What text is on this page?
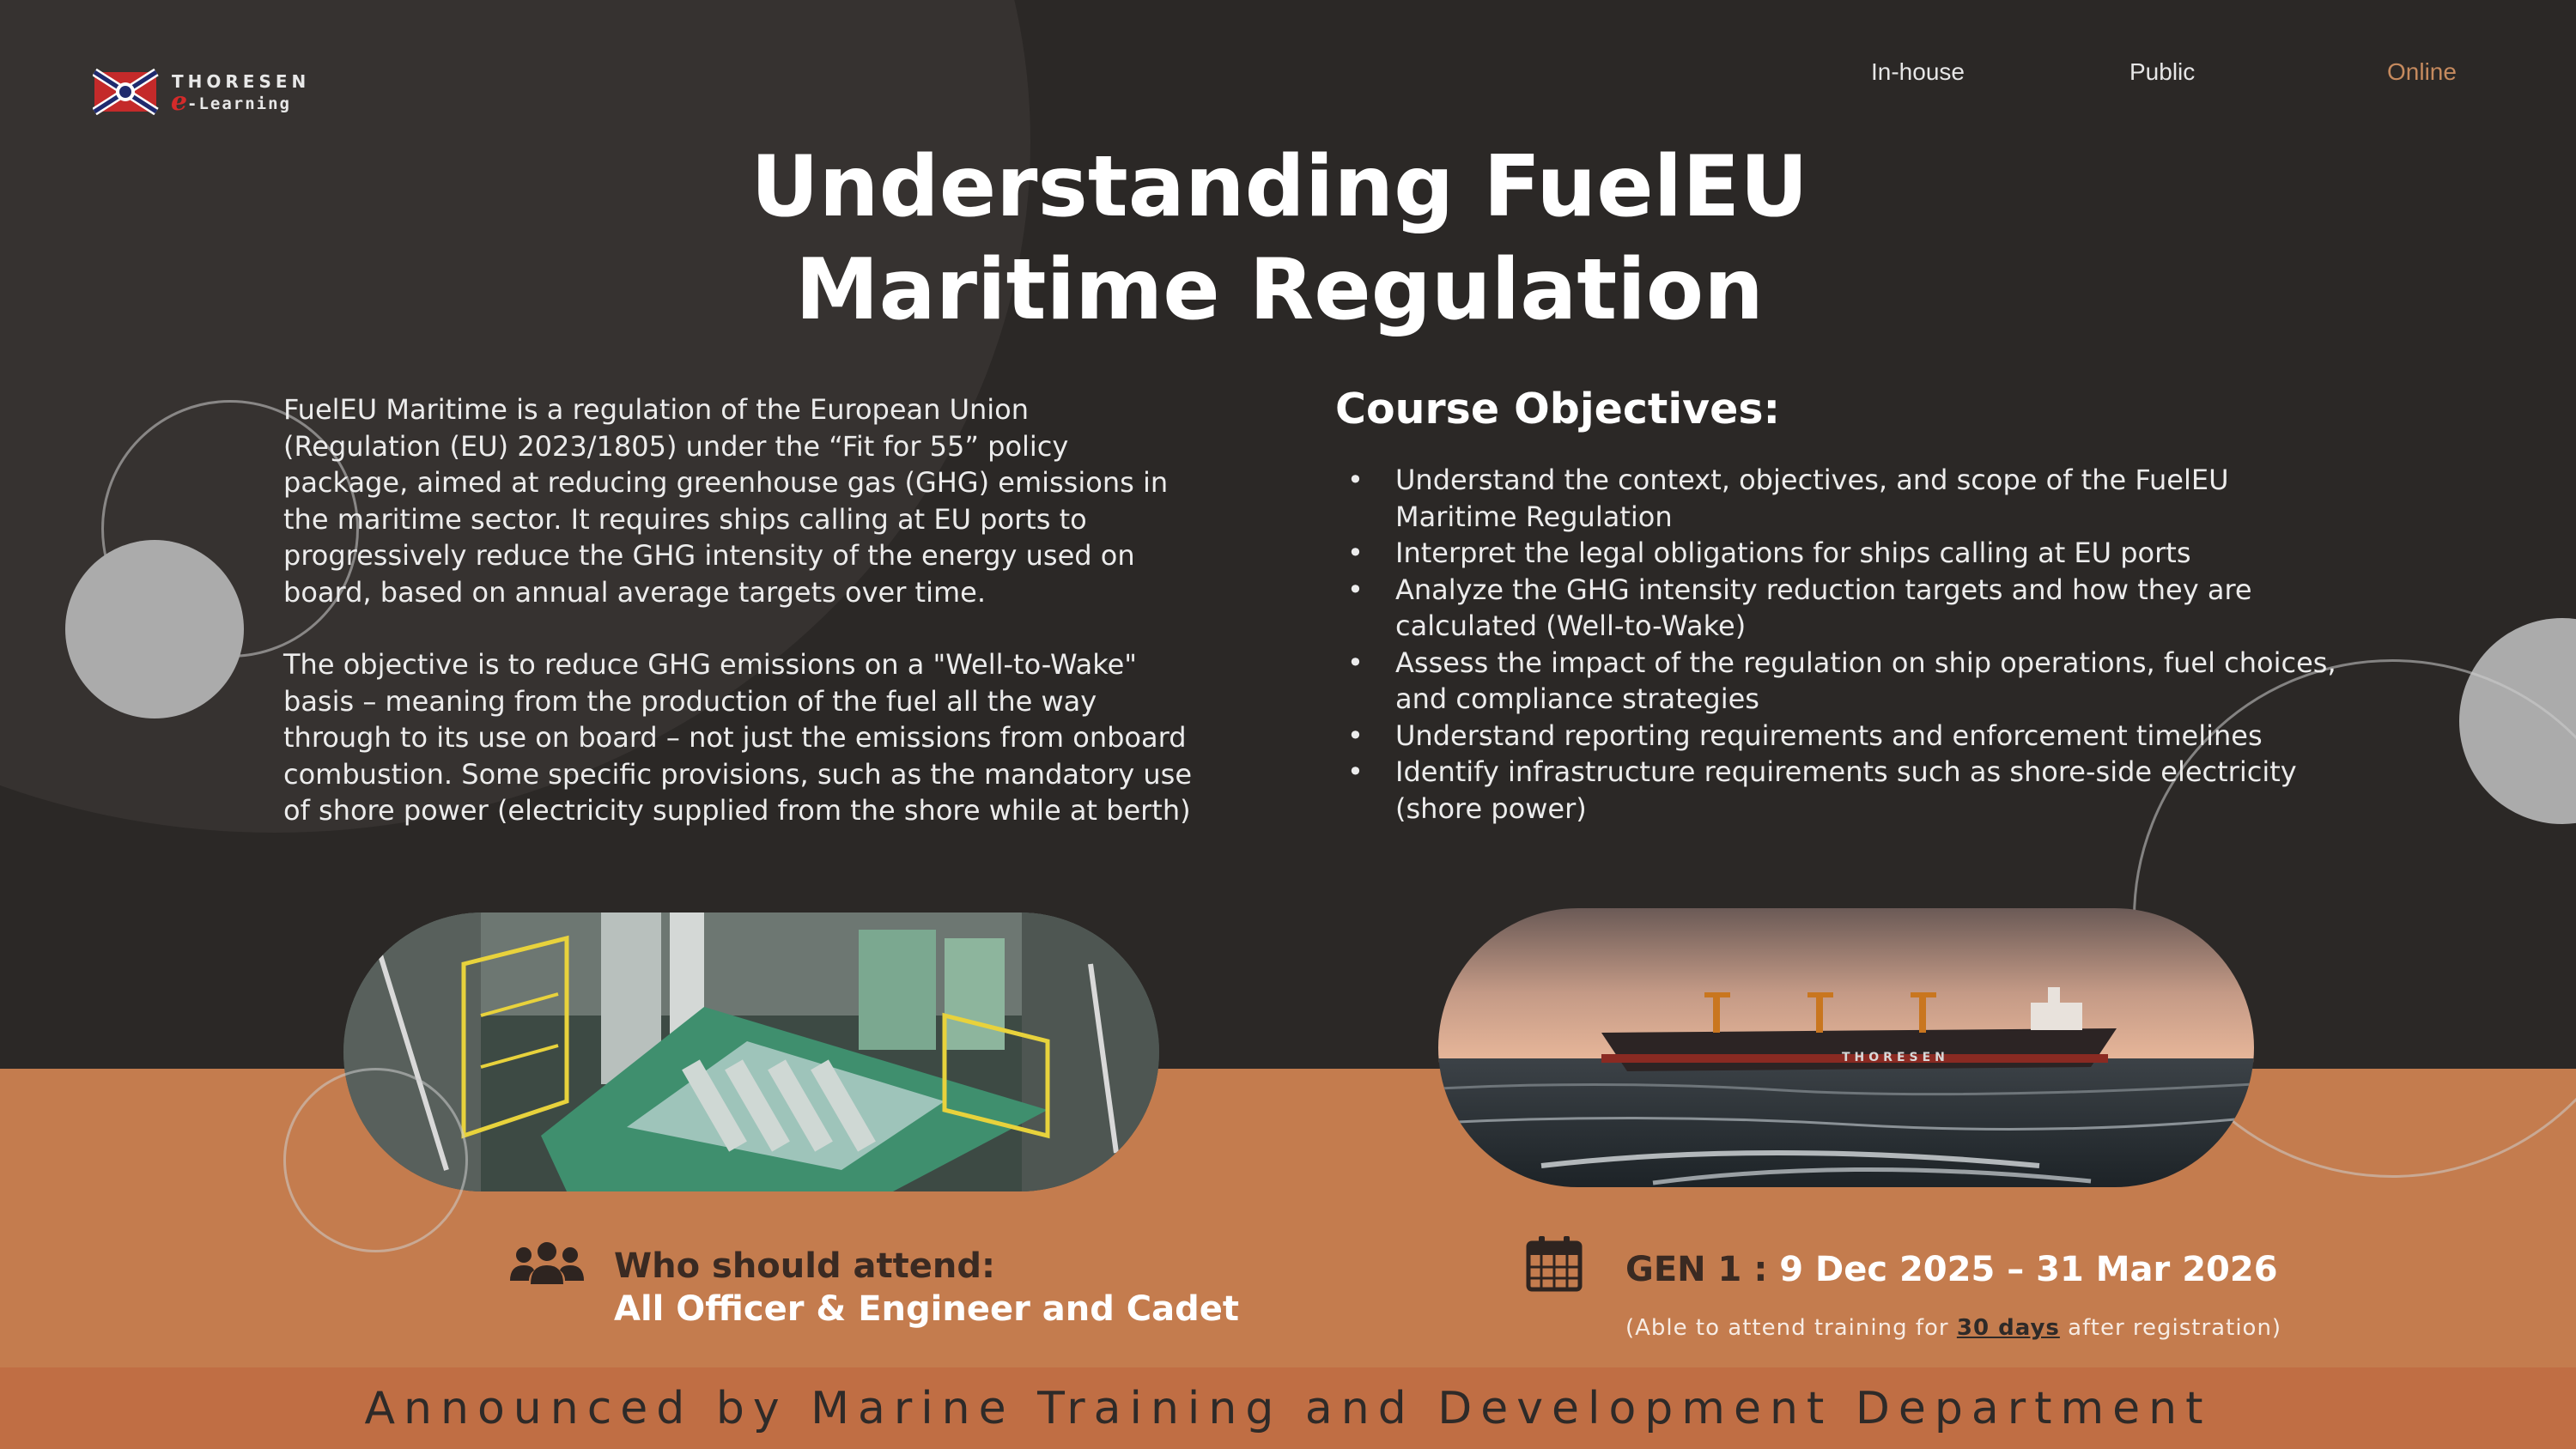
THORESEN
e -Learning
In-house	Public	Online
Understanding FuelEU
Maritime Regulation

FuelEU Maritime is a regulation of the European Union (Regulation (EU) 2023/1805) under the “Fit for 55” policy package, aimed at reducing greenhouse gas (GHG) emissions in the maritime sector. It requires ships calling at EU ports to progressively reduce the GHG intensity of the energy used on board, based on annual average targets over time.

The objective is to reduce GHG emissions on a "Well-to-Wake" basis – meaning from the production of the fuel all the way through to its use on board – not just the emissions from onboard combustion. Some specific provisions, such as the mandatory use of shore power (electricity supplied from the shore while at berth)

Course Objectives:
• Understand the context, objectives, and scope of the FuelEU Maritime Regulation
• Interpret the legal obligations for ships calling at EU ports
• Analyze the GHG intensity reduction targets and how they are calculated (Well-to-Wake)
• Assess the impact of the regulation on ship operations, fuel choices, and compliance strategies
• Understand reporting requirements and enforcement timelines
• Identify infrastructure requirements such as shore-side electricity (shore power)
THORESEN

Who should attend:

All Officer & Engineer and Cadet

GEN 1 : 9 Dec 2025 – 31 Mar 2026

(Able to attend training for 30 days after registration)

Announced by Marine Training and Development Department
